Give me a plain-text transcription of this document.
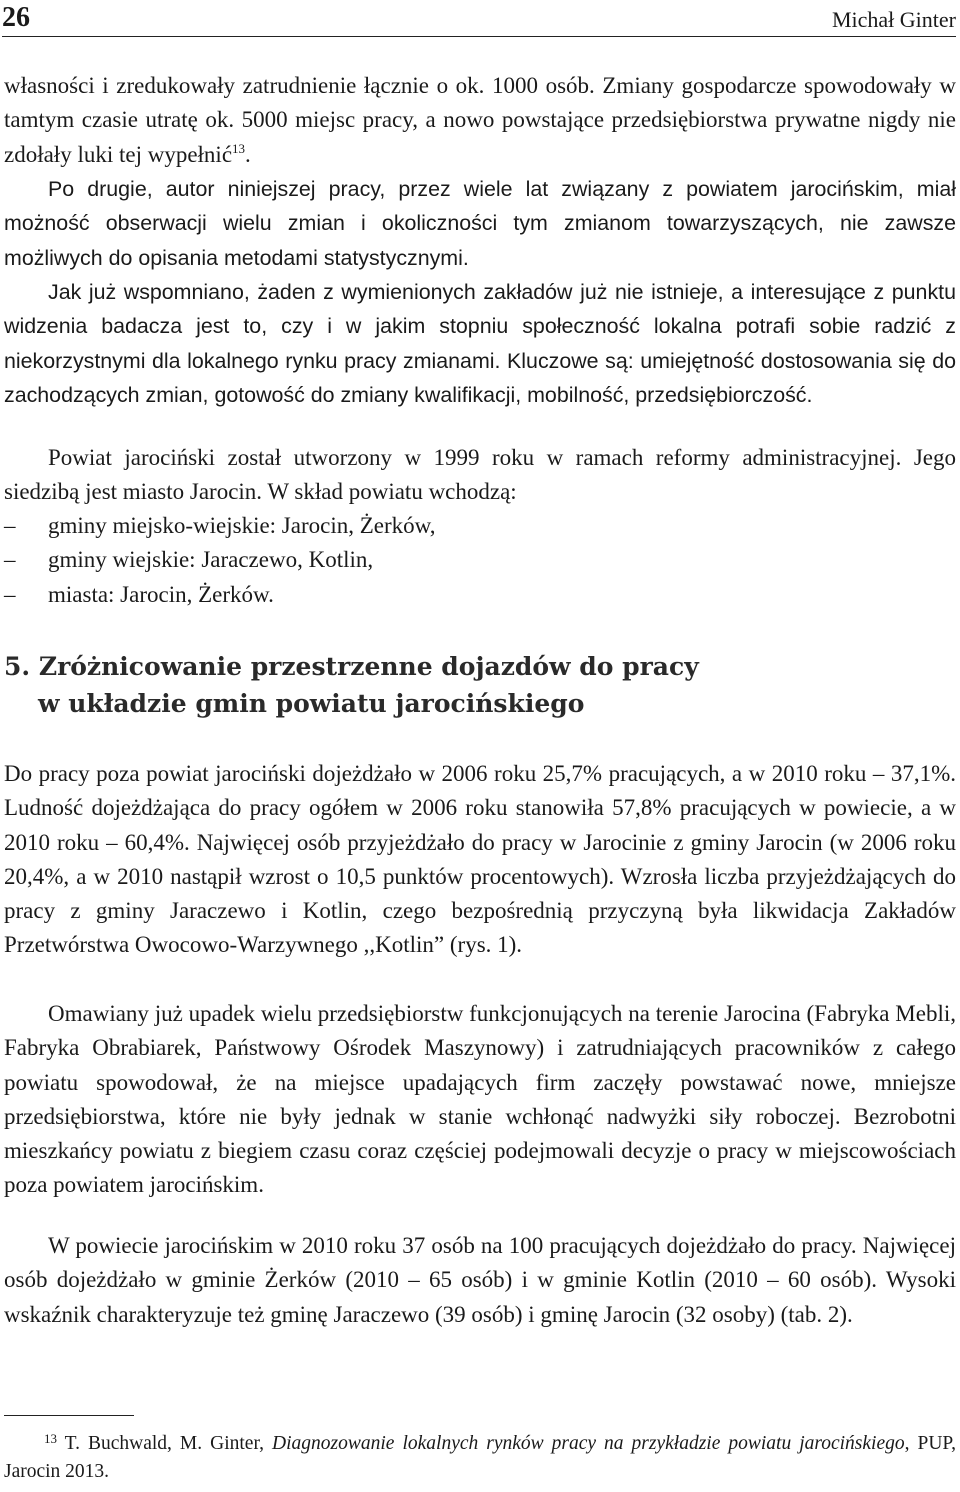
26	Michał Ginter

własności i zredukowały zatrudnienie łącznie o ok. 1000 osób. Zmiany gospodarcze spowodowały w tamtym czasie utratę ok. 5000 miejsc pracy, a nowo powstające przedsiębiorstwa prywatne nigdy nie zdołały luki tej wypełnić$^{13}$.

Po drugie, autor niniejszej pracy, przez wiele lat związany z powiatem jarocińskim, miał możność obserwacji wielu zmian i okoliczności tym zmianom towarzyszących, nie zawsze możliwych do opisania metodami statystycznymi.

Jak już wspomniano, żaden z wymienionych zakładów już nie istnieje, a interesujące z punktu widzenia badacza jest to, czy i w jakim stopniu społeczność lokalna potrafi sobie radzić z niekorzystnymi dla lokalnego rynku pracy zmianami. Kluczowe są: umiejętność dostosowania się do zachodzących zmian, gotowość do zmiany kwalifikacji, mobilność, przedsiębiorczość.

Powiat jarociński został utworzony w 1999 roku w ramach reformy administracyjnej. Jego siedzibą jest miasto Jarocin. W skład powiatu wchodzą:

– gminy miejsko-wiejskie: Jarocin, Żerków,
– gminy wiejskie: Jaraczewo, Kotlin,
– miasta: Jarocin, Żerków.
5. Zróżnicowanie przestrzenne dojazdów do pracy
w układzie gmin powiatu jarocińskiego

Do pracy poza powiat jarociński dojeżdżało w 2006 roku 25,7% pracujących, a w 2010 roku – 37,1%. Ludność dojeżdżająca do pracy ogółem w 2006 roku stanowiła 57,8% pracujących w powiecie, a w 2010 roku – 60,4%. Najwięcej osób przyjeżdżało do pracy w Jarocinie z gminy Jarocin (w 2006 roku 20,4%, a w 2010 nastąpił wzrost o 10,5 punktów procentowych). Wzrosła liczba przyjeżdżających do pracy z gminy Jaraczewo i Kotlin, czego bezpośrednią przyczyną była likwidacja Zakładów Przetwórstwa Owocowo-Warzywnego ,,Kotlin” (rys. 1).

Omawiany już upadek wielu przedsiębiorstw funkcjonujących na terenie Jarocina (Fabryka Mebli, Fabryka Obrabiarek, Państwowy Ośrodek Maszynowy) i zatrudniających pracowników z całego powiatu spowodował, że na miejsce upadających firm zaczęły powstawać nowe, mniejsze przedsiębiorstwa, które nie były jednak w stanie wchłonąć nadwyżki siły roboczej. Bezrobotni mieszkańcy powiatu z biegiem czasu coraz częściej podejmowali decyzje o pracy w miejscowościach poza powiatem jarocińskim.

W powiecie jarocińskim w 2010 roku 37 osób na 100 pracujących dojeżdżało do pracy. Najwięcej osób dojeżdżało w gminie Żerków (2010 – 65 osób) i w gminie Kotlin (2010 – 60 osób). Wysoki wskaźnik charakteryzuje też gminę Jaraczewo (39 osób) i gminę Jarocin (32 osoby) (tab. 2).

$^{13}$ T. Buchwald, M. Ginter, Diagnozowanie lokalnych rynków pracy na przykładzie powiatu jarocińskiego, PUP, Jarocin 2013.
